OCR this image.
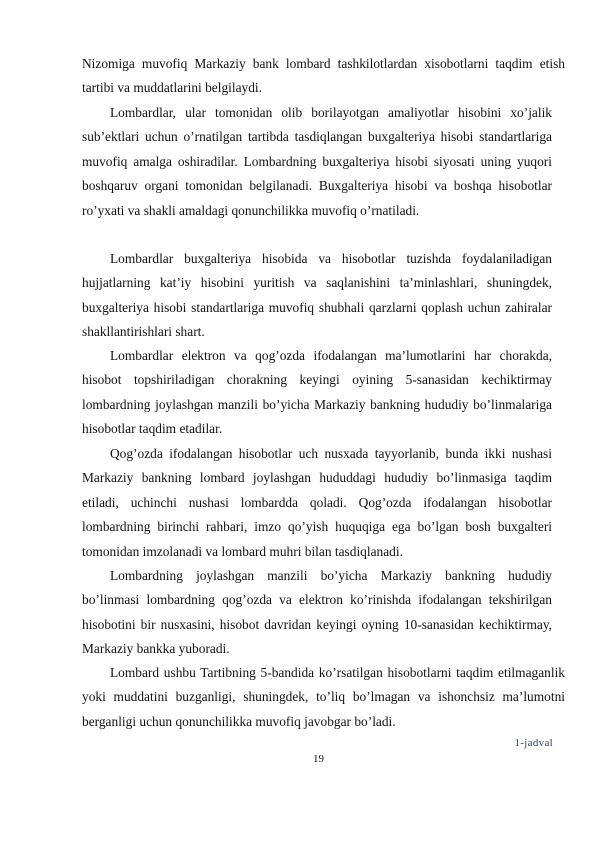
Nizomiga muvofiq Markaziy bank lombard tashkilotlardan xisobotlarni taqdim etish tartibi va muddatlarini belgilaydi.

Lombardlar, ular tomonidan olib borilayotgan amaliyotlar hisobini xo’jalik sub’ektlari uchun o’rnatilgan tartibda tasdiqlangan buxgalteriya hisobi standartlariga muvofiq amalga oshiradilar. Lombardning buxgalteriya hisobi siyosati uning yuqori boshqaruv organi tomonidan belgilanadi. Buxgalteriya hisobi va boshqa hisobotlar ro’yxati va shakli amaldagi qonunchilikka muvofiq o’rnatiladi.

Lombardlar buxgalteriya hisobida va hisobotlar tuzishda foydalaniladigan hujjatlarning kat’iy hisobini yuritish va saqlanishini ta’minlashlari, shuningdek, buxgalteriya hisobi standartlariga muvofiq shubhali qarzlarni qoplash uchun zahiralar shakllantirishlari shart.

Lombardlar elektron va qog’ozda ifodalangan ma’lumotlarini har chorakda, hisobot topshiriladigan chorakning keyingi oyining 5-sanasidan kechiktirmay lombardning joylashgan manzili bo’yicha Markaziy bankning hududiy bo’linmalariga hisobotlar taqdim etadilar.

Qog’ozda ifodalangan hisobotlar uch nusxada tayyorlanib, bunda ikki nushasi Markaziy bankning lombard joylashgan hududdagi hududiy bo’linmasiga taqdim etiladi, uchinchi nushasi lombardda qoladi. Qog’ozda ifodalangan hisobotlar lombardning birinchi rahbari, imzo qo’yish huquqiga ega bo’lgan bosh buxgalteri tomonidan imzolanadi va lombard muhri bilan tasdiqlanadi.

Lombardning joylashgan manzili bo’yicha Markaziy bankning hududiy bo’linmasi lombardning qog’ozda va elektron ko’rinishda ifodalangan tekshirilgan hisobotini bir nusxasini, hisobot davridan keyingi oyning 10-sanasidan kechiktirmay, Markaziy bankka yuboradi.

Lombard ushbu Tartibning 5-bandida ko’rsatilgan hisobotlarni taqdim etilmaganlik yoki muddatini buzganligi, shuningdek, to’liq bo’lmagan va ishonchsiz ma’lumotni berganligi uchun qonunchilikka muvofiq javobgar bo’ladi.

1-jadval
19
